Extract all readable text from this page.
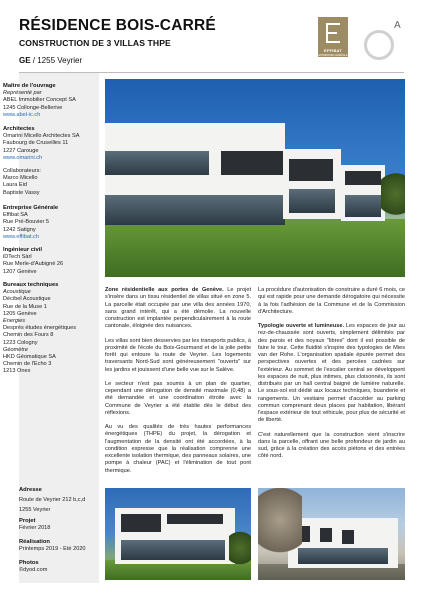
RÉSIDENCE BOIS-CARRÉ
CONSTRUCTION DE 3 VILLAS THPE
GE / 1255 Veyrier
EFFIBAT
ENTREPRISE GÉNÉRALE
A
Maître de l'ouvrage
Représenté par
ABEL Immobilier Concept SA
1245 Collonge-Bellerive
www.abel-ic.ch
Architectes
Omarini Micello Architectes SA
Faubourg de Cruseilles 11
1227 Carouge
www.omarini.ch
Collaborateurs:
Marco Micello
Laura Eid
Baptiste Vassy
Entreprise Générale
Effibat SA
Rue Pré-Bouvier 5
1242 Satigny
www.effibat.ch
Ingénieur civil
iDTech Sàrl
Rue Merle-d'Aubigné 26
1207 Genève
Bureaux techniques
Acoustique
Décibel Acoustique
Rue de la Muse 1
1205 Genève
Energies
Desprès études énergétiques
Chemin des Fours 8
1223 Cologny
Géomètre
HKD Géomatique SA
Chemin de l'Echo 3
1213 Onex
Adresse
Route de Veyrier 212 b,c,d
1255 Veyrier
Projet
Février 2018
Réalisation
Printemps 2019 - Eté 2020
Photos
©dyod.com

Zone résidentielle aux portes de Genève. Le projet s'insère dans un tissu résidentiel de villas situé en zone 5. La parcelle était occupée par une villa des années 1970, sans grand intérêt, qui a été démolie. La nouvelle construction est implantée perpendiculairement à la route cantonale, éloignée des nuisances.

Les villas sont bien desservies par les transports publics, à proximité de l'école du Bois-Gourmand et de la jolie petite forêt qui entoure la route de Veyrier. Les logements traversants Nord-Sud sont généreusement "ouverts" sur les jardins et jouissent d'une belle vue sur le Salève.

Le secteur n'est pas soumis à un plan de quartier, cependant une dérogation de densité maximale (0,48) a été demandée et une coordination étroite avec la Commune de Veyrier a été établie dès le début des réflexions.

Au vu des qualités de très hautes performances énergétiques (THPE) du projet, la dérogation et l'augmentation de la densité ont été accordées, à la condition expresse que la réalisation comprenne une excellente isolation thermique, des panneaux solaires, une pompe à chaleur (PAC) et l'élimination de tout pont thermique.

La procédure d'autorisation de construire a duré 6 mois, ce qui est rapide pour une demande dérogatoire qui nécessite à la fois l'adhésion de la Commune et de la Commission d'Architecture.

Typologie ouverte et lumineuse. Les espaces de jour au rez-de-chaussée sont ouverts, simplement délimités par des parois et des noyaux "libres" dont il est possible de faire le tour. Cette fluidité s'inspire des typologies de Mies van der Rohe. L'organisation spatiale épurée permet des perspectives ouvertes et des percées cadrées sur l'extérieur. Au sommet de l'escalier central se développent les espaces de nuit, plus intimes, plus cloisonnés, ils sont distribués par un hall central baigné de lumière naturelle. Le sous-sol est dédié aux locaux techniques, buanderie et rangements. Un vestiaire permet d'accéder au parking commun comprenant deux places par habitation, libérant l'espace extérieur de tout véhicule, pour plus de sécurité et de liberté.

C'est naturellement que la construction vient s'inscrire dans la parcelle, offrant une belle profondeur de jardin au sud, grâce à la création des accès piétons et des entrées côté nord.
